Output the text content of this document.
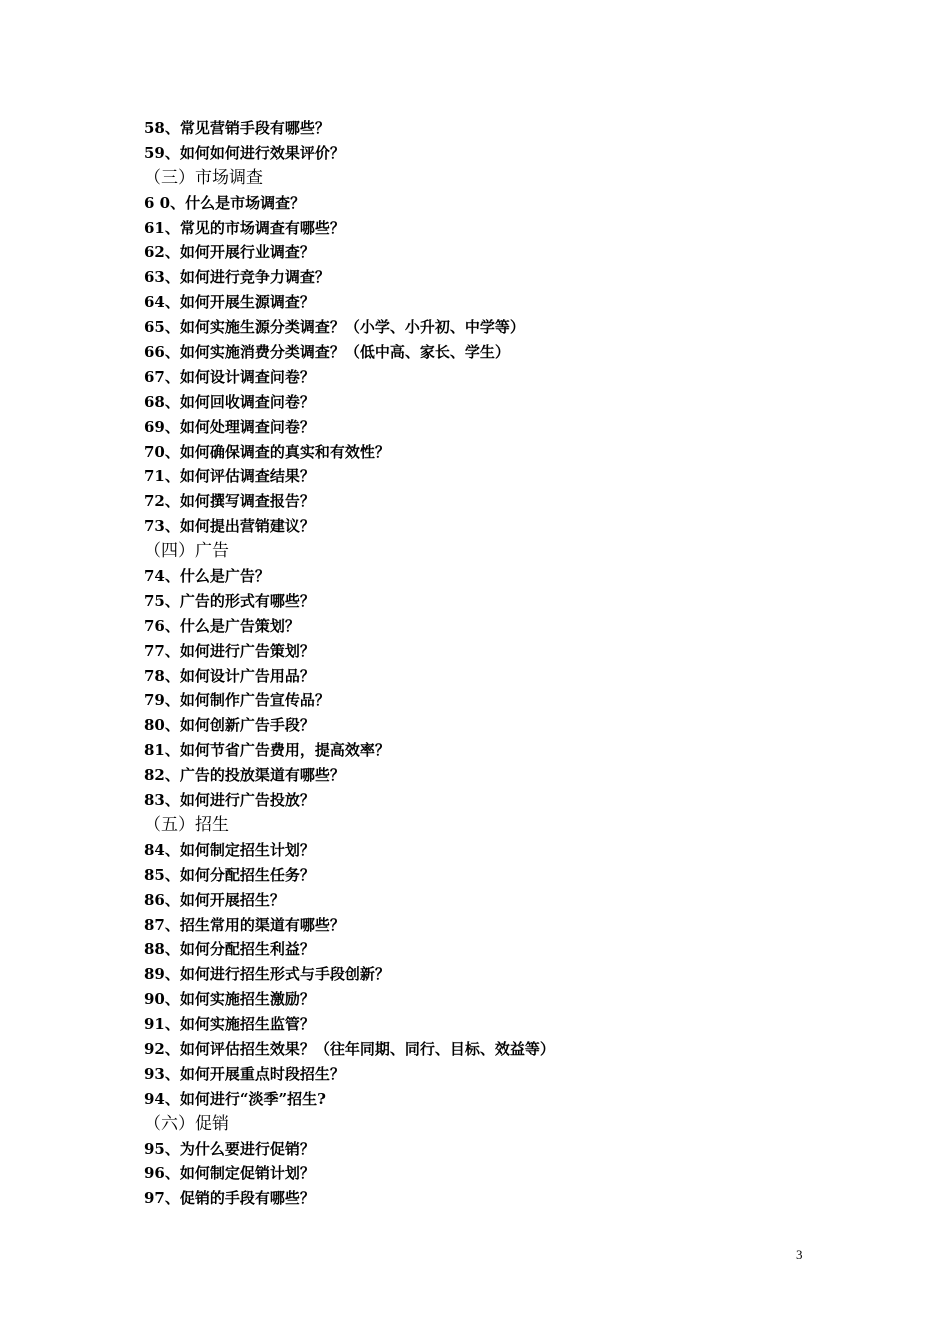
58、常见营销手段有哪些？
59、如何如何进行效果评价？
（三）市场调查
6 0、什么是市场调查？
61、常见的市场调查有哪些？
62、如何开展行业调查？
63、如何进行竞争力调查？
64、如何开展生源调查？
65、如何实施生源分类调查？（小学、小升初、中学等）
66、如何实施消费分类调查？（低中高、家长、学生）
67、如何设计调查问卷？
68、如何回收调查问卷？
69、如何处理调查问卷？
70、如何确保调查的真实和有效性？
71、如何评估调查结果？
72、如何撰写调查报告？
73、如何提出营销建议？
（四）广告
74、什么是广告？
75、广告的形式有哪些？
76、什么是广告策划？
77、如何进行广告策划？
78、如何设计广告用品？
79、如何制作广告宣传品？
80、如何创新广告手段？
81、如何节省广告费用，提高效率？
82、广告的投放渠道有哪些？
83、如何进行广告投放？
（五）招生
84、如何制定招生计划？
85、如何分配招生任务？
86、如何开展招生？
87、招生常用的渠道有哪些？
88、如何分配招生利益？
89、如何进行招生形式与手段创新？
90、如何实施招生激励？
91、如何实施招生监管？
92、如何评估招生效果？（往年同期、同行、目标、效益等）
93、如何开展重点时段招生？
94、如何进行“淡季”招生?
（六）促销
95、为什么要进行促销？
96、如何制定促销计划？
97、促销的手段有哪些？
3
